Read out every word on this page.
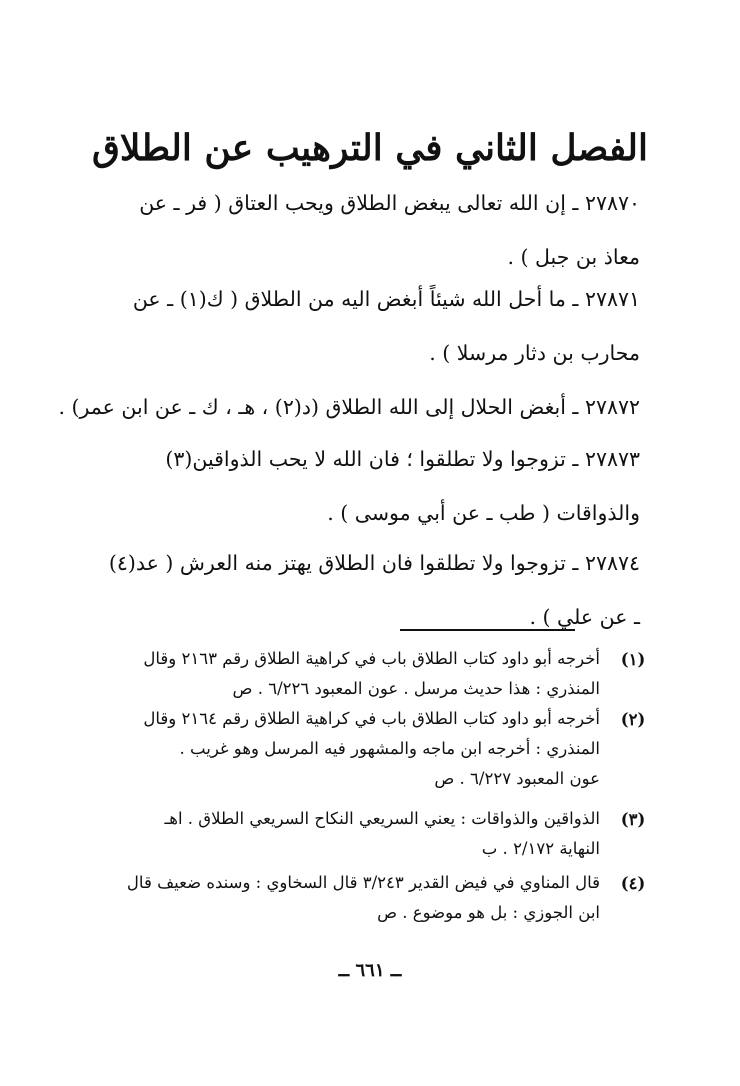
الفصل الثاني في الترهيب عن الطلاق
٢٧٨٧٠ ـ إن الله تعالى يبغض الطلاق ويحب العتاق ( فر ـ عن
معاذ بن جبل ) .
٢٧٨٧١ ـ ما أحل الله شيئاً أبغض اليه من الطلاق ( ك(١) ـ عن
محارب بن دثار مرسلا ) .
٢٧٨٧٢ ـ أبغض الحلال إلى الله الطلاق (د(٢) ، هـ ، ك ـ عن ابن عمر) .
٢٧٨٧٣ ـ تزوجوا ولا تطلقوا ؛ فان الله لا يحب الذواقين(٣)
والذواقات ( طب ـ عن أبي موسى ) .
٢٧٨٧٤ ـ تزوجوا ولا تطلقوا فان الطلاق يهتز منه العرش ( عد(٤)
ـ عن علي ) .
(١)
أخرجه أبو داود كتاب الطلاق باب في كراهية الطلاق رقم ٢١٦٣ وقال
المنذري : هذا حديث مرسل . عون المعبود ٦/٢٢٦ . ص
(٢)
أخرجه أبو داود كتاب الطلاق باب في كراهية الطلاق رقم ٢١٦٤ وقال
المنذري : أخرجه ابن ماجه والمشهور فيه المرسل وهو غريب .
عون المعبود ٦/٢٢٧ . ص
(٣)
الذواقين والذواقات : يعني السريعي النكاح السريعي الطلاق . اهـ
النهاية ٢/١٧٢ . ب
(٤)
قال المناوي في فيض القدير ٣/٢٤٣ قال السخاوي : وسنده ضعيف قال
ابن الجوزي : بل هو موضوع . ص
ــ ٦٦١ ــ
